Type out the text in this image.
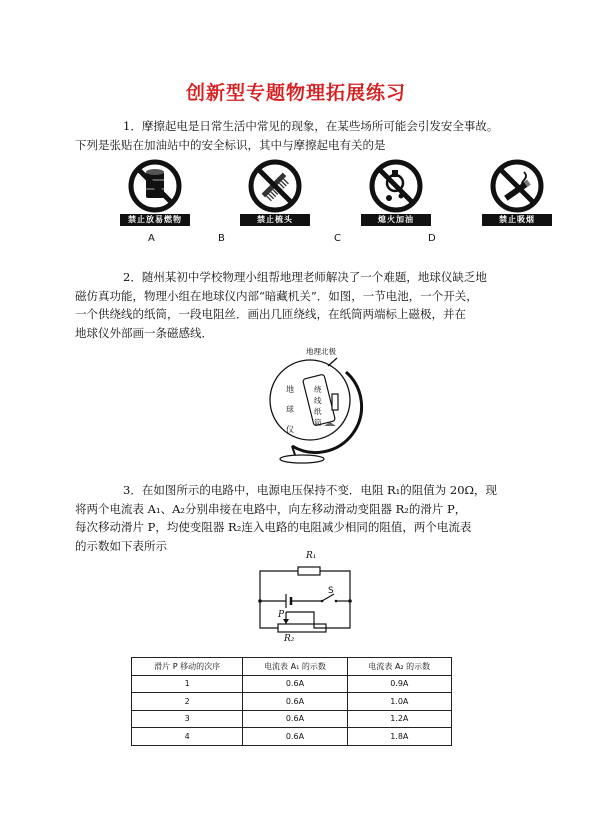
创新型专题物理拓展练习

1．摩擦起电是日常生活中常见的现象，在某些场所可能会引发安全事故。

下列是张贴在加油站中的安全标识，其中与摩擦起电有关的是

禁止放易燃物	禁止梳头	熄火加油	禁止吸烟
A	B	C	D

2．随州某初中学校物理小组帮地理老师解决了一个难题，地球仪缺乏地

磁仿真功能，物理小组在地球仪内部“暗藏机关”．如图，一节电池，一个开关，

一个供绕线的纸筒，一段电阻丝．画出几匝绕线，在纸筒两端标上磁极，并在

地球仪外部画一条磁感线．

地理北极
地
球
仪
绕
线
纸
筒

3．在如图所示的电路中，电源电压保持不变．电阻 R₁的阻值为 20Ω，现

将两个电流表 A₁、A₂分别串接在电路中，向左移动滑动变阻器 R₂的滑片 P，

每次移动滑片 P，均使变阻器 R₂连入电路的电阻减少相同的阻值，两个电流表

的示数如下表所示

R₁
S
P
R₂
滑片 P 移动的次序	电流表 A₁ 的示数	电流表 A₂ 的示数
1	0.6A	0.9A
2	0.6A	1.0A
3	0.6A	1.2A
4	0.6A	1.8A
